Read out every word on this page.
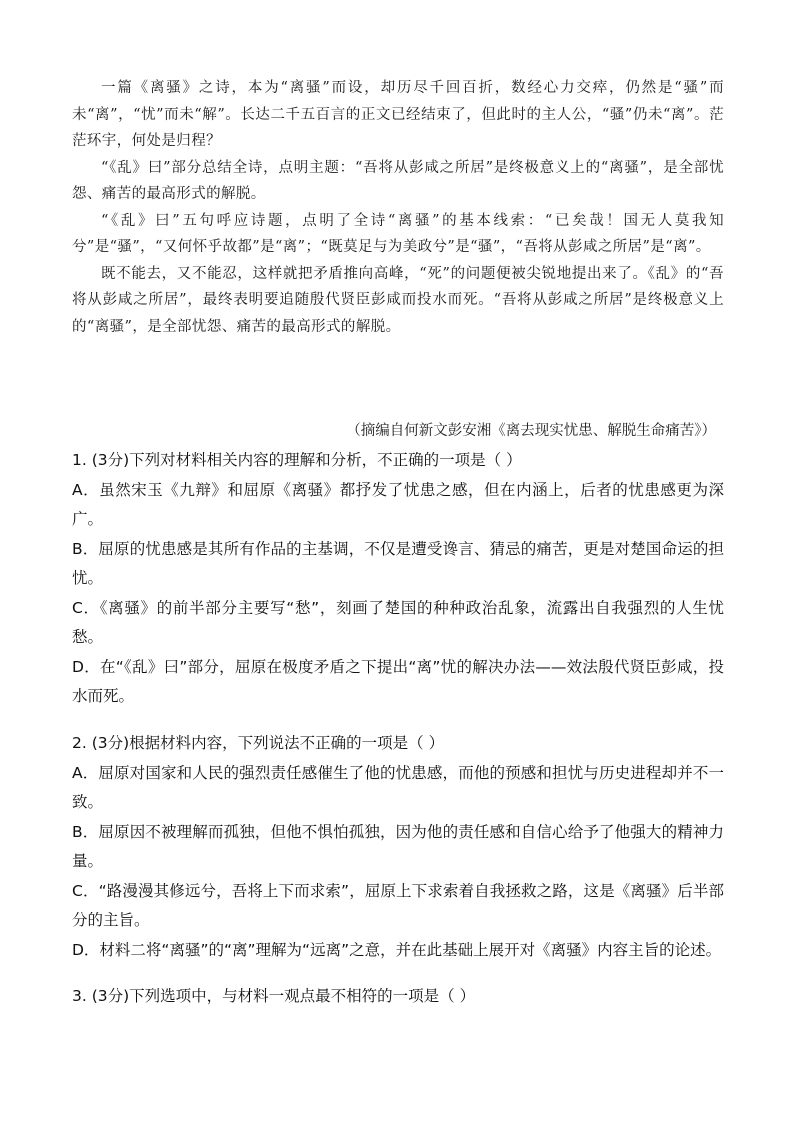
一篇《离骚》之诗，本为“离骚”而设，却历尽千回百折，数经心力交瘁，仍然是“骚”而未“离”，“忧”而未“解”。长达二千五百言的正文已经结束了，但此时的主人公，“骚”仍未“离”。茫茫环宇，何处是归程？

“《乱》曰”部分总结全诗，点明主题：“吾将从彭咸之所居”是终极意义上的“离骚”，是全部忧怨、痛苦的最高形式的解脱。

“《乱》曰”五句呼应诗题，点明了全诗“离骚”的基本线索：“已矣哉！国无人莫我知兮”是“骚”，“又何怀乎故都”是“离”；“既莫足与为美政兮”是“骚”，“吾将从彭咸之所居”是“离”。

既不能去，又不能忍，这样就把矛盾推向高峰，“死”的问题便被尖锐地提出来了。《乱》的“吾将从彭咸之所居”，最终表明要追随殷代贤臣彭咸而投水而死。“吾将从彭咸之所居”是终极意义上的“离骚”，是全部忧怨、痛苦的最高形式的解脱。

（摘编自何新文彭安湘《离去现实忧患、解脱生命痛苦》）
1. (3分)下列对材料相关内容的理解和分析，不正确的一项是（ ）
A．虽然宋玉《九辩》和屈原《离骚》都抒发了忧患之感，但在内涵上，后者的忧患感更为深广。
B．屈原的忧患感是其所有作品的主基调，不仅是遭受谗言、猜忌的痛苦，更是对楚国命运的担忧。
C．《离骚》的前半部分主要写“愁”，刻画了楚国的种种政治乱象，流露出自我强烈的人生忧愁。
D．在“《乱》曰”部分，屈原在极度矛盾之下提出“离”忧的解决办法——效法殷代贤臣彭咸，投水而死。
2. (3分)根据材料内容，下列说法不正确的一项是（ ）
A．屈原对国家和人民的强烈责任感催生了他的忧患感，而他的预感和担忧与历史进程却并不一致。
B．屈原因不被理解而孤独，但他不惧怕孤独，因为他的责任感和自信心给予了他强大的精神力量。
C．“路漫漫其修远兮，吾将上下而求索”，屈原上下求索着自我拯救之路，这是《离骚》后半部分的主旨。
D．材料二将“离骚”的“离”理解为“远离”之意，并在此基础上展开对《离骚》内容主旨的论述。
3. (3分)下列选项中，与材料一观点最不相符的一项是（ ）
